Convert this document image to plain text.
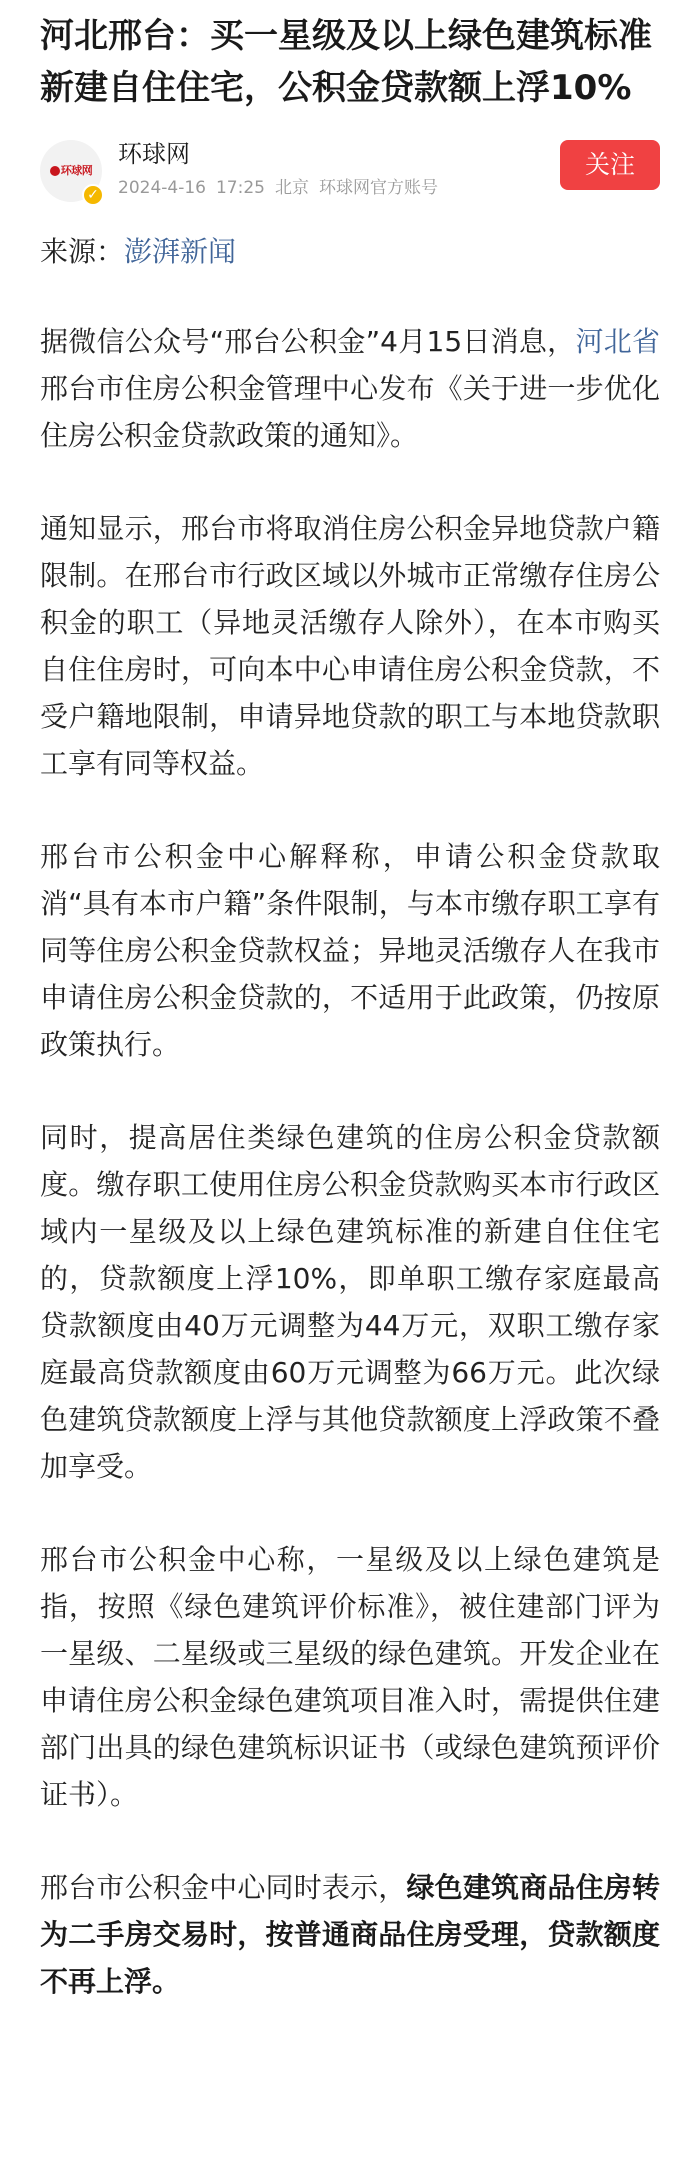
河北邢台：买一星级及以上绿色建筑标准新建自住住宅，公积金贷款额上浮10%
环球网
✓
环球网
2024-4-16 17:25 北京 环球网官方账号
关注
来源：澎湃新闻

据微信公众号“邢台公积金”4月15日消息，河北省邢台市住房公积金管理中心发布《关于进一步优化住房公积金贷款政策的通知》。

通知显示，邢台市将取消住房公积金异地贷款户籍限制。在邢台市行政区域以外城市正常缴存住房公积金的职工（异地灵活缴存人除外），在本市购买自住住房时，可向本中心申请住房公积金贷款，不受户籍地限制，申请异地贷款的职工与本地贷款职工享有同等权益。

邢台市公积金中心解释称，申请公积金贷款取消“具有本市户籍”条件限制，与本市缴存职工享有同等住房公积金贷款权益；异地灵活缴存人在我市申请住房公积金贷款的，不适用于此政策，仍按原政策执行。

同时，提高居住类绿色建筑的住房公积金贷款额度。缴存职工使用住房公积金贷款购买本市行政区域内一星级及以上绿色建筑标准的新建自住住宅的，贷款额度上浮10%，即单职工缴存家庭最高贷款额度由40万元调整为44万元，双职工缴存家庭最高贷款额度由60万元调整为66万元。此次绿色建筑贷款额度上浮与其他贷款额度上浮政策不叠加享受。

邢台市公积金中心称，一星级及以上绿色建筑是指，按照《绿色建筑评价标准》，被住建部门评为一星级、二星级或三星级的绿色建筑。开发企业在申请住房公积金绿色建筑项目准入时，需提供住建部门出具的绿色建筑标识证书（或绿色建筑预评价证书）。

邢台市公积金中心同时表示，绿色建筑商品住房转为二手房交易时，按普通商品住房受理，贷款额度不再上浮。
